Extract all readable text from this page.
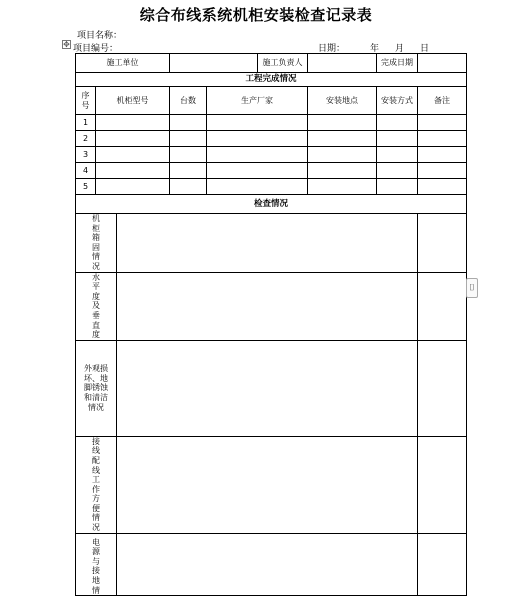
综合布线系统机柜安装检查记录表
项目名称：
✥ 项目编号：	日期：	年 月 日
施工单位					施工负责人		完成日期	
工程完成情况								
序号	机柜型号		台数	生产厂家		安装地点	安装方式	备注
1								
2								
3								
4								
5								
检查情况								
机柜箱固情况								
水平度及垂直度								
外观损坏、地脚锈蚀和清洁情况								
接线配线工作方便情况								
电源与接地情								
⌷
